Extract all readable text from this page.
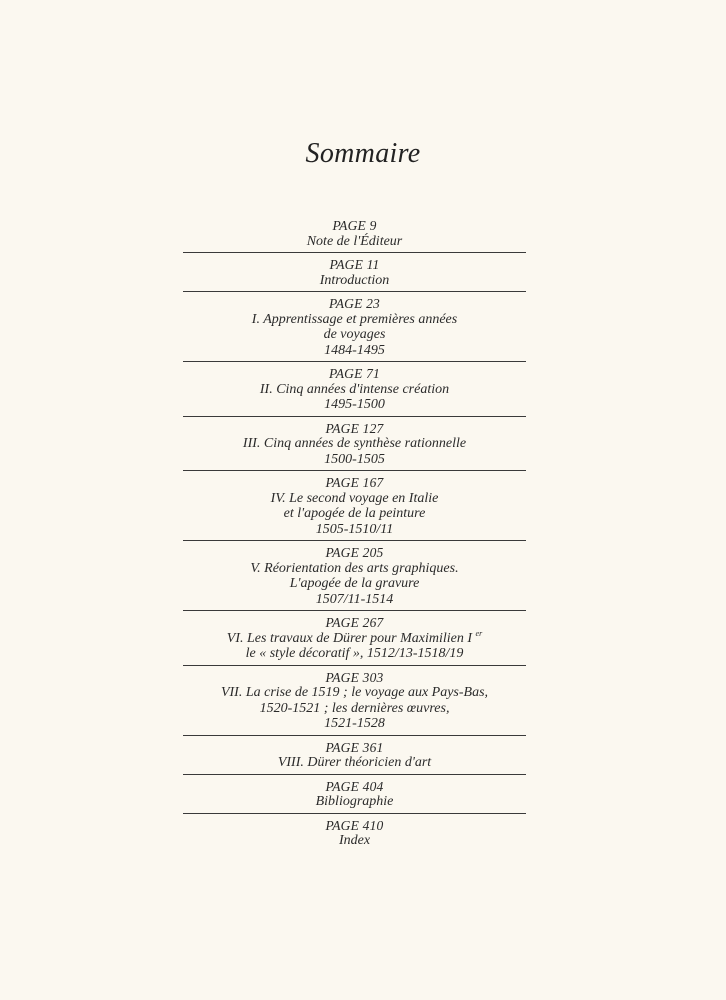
Sommaire
PAGE 9
Note de l'Éditeur
PAGE 11
Introduction
PAGE 23
I. Apprentissage et premières années
de voyages
1484-1495
PAGE 71
II. Cinq années d'intense création
1495-1500
PAGE 127
III. Cinq années de synthèse rationnelle
1500-1505
PAGE 167
IV. Le second voyage en Italie
et l'apogée de la peinture
1505-1510/11
PAGE 205
V. Réorientation des arts graphiques.
L'apogée de la gravure
1507/11-1514
PAGE 267
VI. Les travaux de Dürer pour Maximilien I $^{er}$
le « style décoratif », 1512/13-1518/19
PAGE 303
VII. La crise de 1519 ; le voyage aux Pays-Bas,
1520-1521 ; les dernières œuvres,
1521-1528
PAGE 361
VIII. Dürer théoricien d'art
PAGE 404
Bibliographie
PAGE 410
Index
